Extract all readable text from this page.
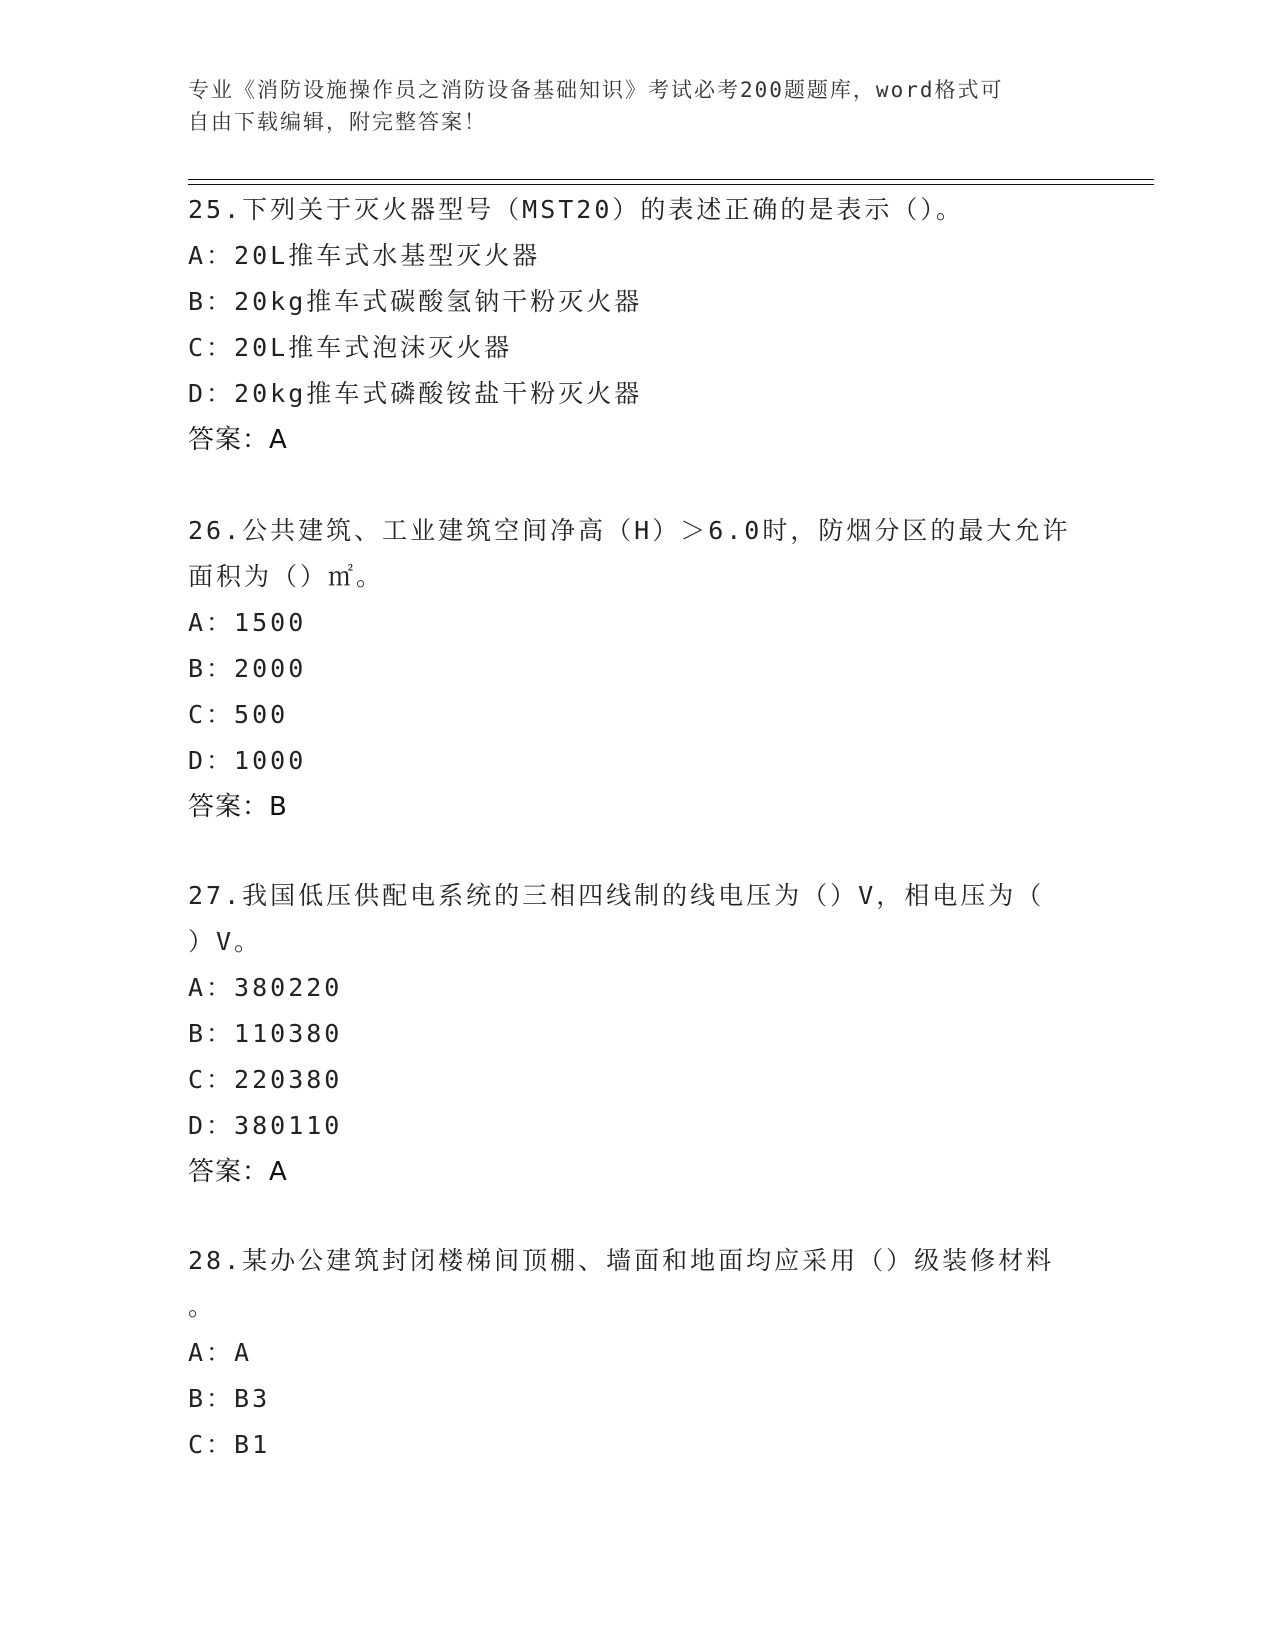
专业《消防设施操作员之消防设备基础知识》考试必考200题题库，word格式可
自由下载编辑，附完整答案！
25.下列关于灭火器型号（MST20）的表述正确的是表示（）。
A：20L推车式水基型灭火器
B：20kg推车式碳酸氢钠干粉灭火器
C：20L推车式泡沫灭火器
D：20kg推车式磷酸铵盐干粉灭火器
答案：A
26.公共建筑、工业建筑空间净高（H）＞6.0时，防烟分区的最大允许
面积为（）㎡。
A：1500
B：2000
C：500
D：1000
答案：B
27.我国低压供配电系统的三相四线制的线电压为（）V，相电压为（
）V。
A：380220
B：110380
C：220380
D：380110
答案：A
28.某办公建筑封闭楼梯间顶棚、墙面和地面均应采用（）级装修材料
。
A：A
B：B3
C：B1
